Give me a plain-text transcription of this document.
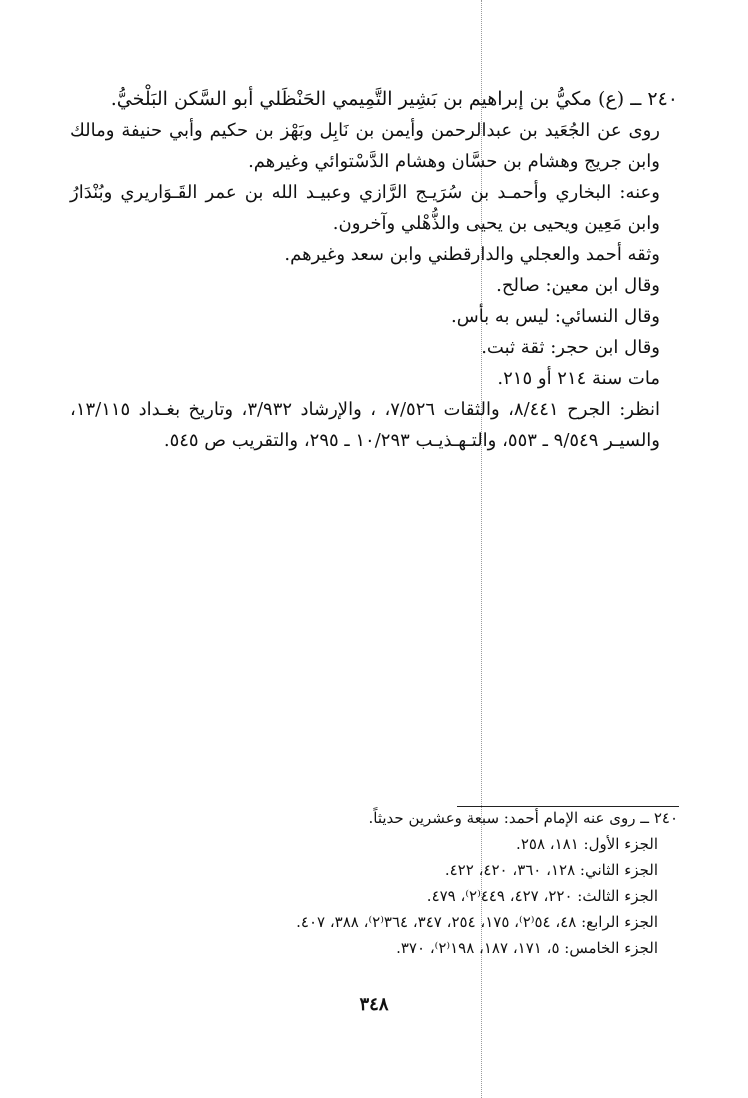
٢٤٠ ــ (ع) مكيُّ بن إبراهيم بن بَشِير التَّمِيمي الحَنْظَلي أبو السَّكن البَلْخيُّ.

روى عن الجُعَيد بن عبدالرحمن وأيمن بن نَابِل وبَهْز بن حكيم وأبي حنيفة ومالك وابن جريج وهشام بن حسَّان وهشام الدَّسْتوائي وغيرهم.

وعنه: البخاري وأحمـد بن سُرَيـج الرَّازي وعبيـد الله بن عمر القَـوَاريري وبُنْدَارُ وابن مَعِين ويحيى بن يحيى والذُّهْلي وآخرون.

وثقه أحمد والعجلي والدارقطني وابن سعد وغيرهم.

وقال ابن معين: صالح.

وقال النسائي: ليس به بأس.

وقال ابن حجر: ثقة ثبت.

مات سنة ٢١٤ أو ٢١٥.

انظر: الجرح ٨/٤٤١، والثقات ٧/٥٢٦، ، والإرشاد ٣/٩٣٢، وتاريخ بغـداد ١٣/١١٥، والسيـر ٩/٥٤٩ ـ ٥٥٣، والتـهـذيـب ١٠/٢٩٣ ـ ٢٩٥، والتقريب ص ٥٤٥.

٢٤٠ ــ روى عنه الإمام أحمد: سبعة وعشرين حديثاً.

الجزء الأول: ١٨١، ٢٥٨.

الجزء الثاني: ١٢٨، ٣٦٠، ٤٢٠، ٤٢٢.

الجزء الثالث: ٢٢٠، ٤٢٧، ٤٤٩⁽٢⁾، ٤٧٩.

الجزء الرابع: ٤٨، ٥٤⁽٢⁾، ١٧٥، ٢٥٤، ٣٤٧، ٣٦٤⁽٢⁾، ٣٨٨، ٤٠٧.

الجزء الخامس: ٥، ١٧١، ١٨٧، ١٩٨⁽٢⁾، ٣٧٠.

٣٤٨
